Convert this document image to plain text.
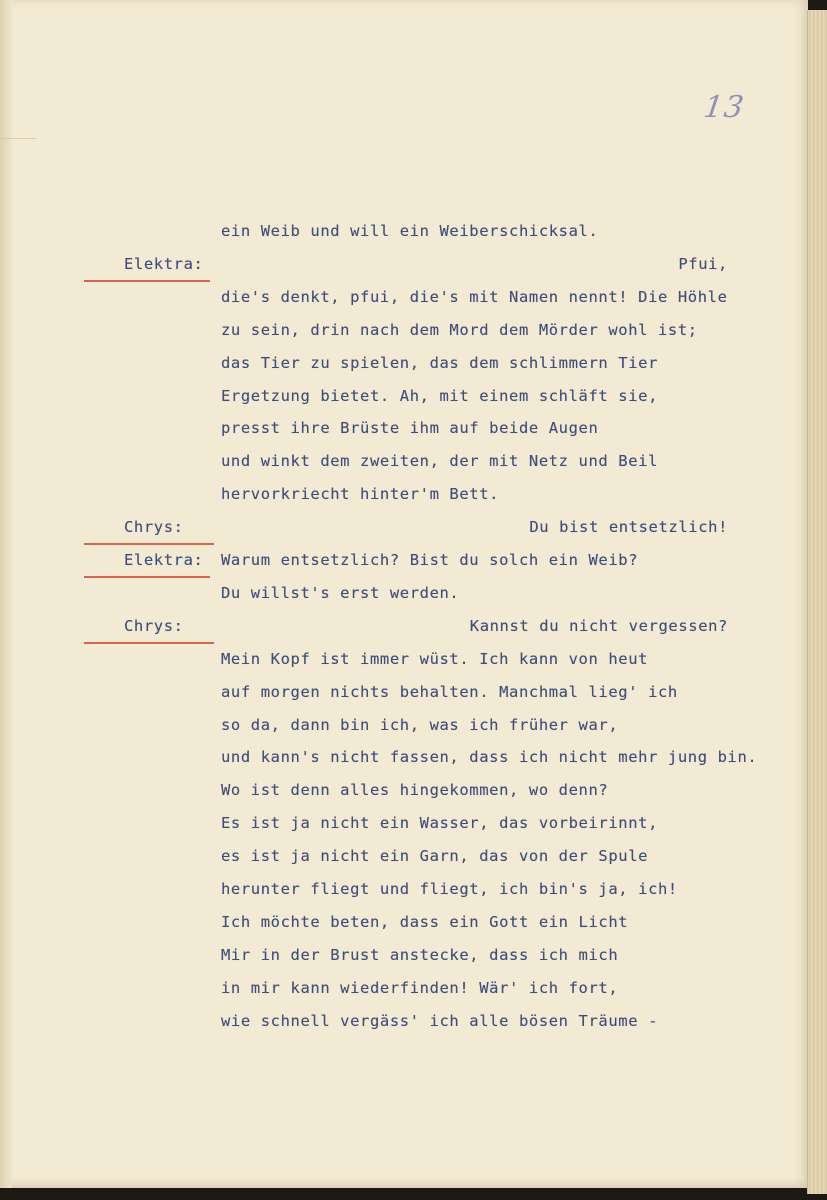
13
ein Weib und will ein Weiberschicksal.
Elektra:	Pfui,
die's denkt, pfui, die's mit Namen nennt! Die Höhle
zu sein, drin nach dem Mord dem Mörder wohl ist;
das Tier zu spielen, das dem schlimmern Tier
Ergetzung bietet. Ah, mit einem schläft sie,
presst ihre Brüste ihm auf beide Augen
und winkt dem zweiten, der mit Netz und Beil
hervorkriecht hinter'm Bett.
Chrys:	Du bist entsetzlich!
Elektra: Warum entsetzlich? Bist du solch ein Weib?
Du willst's erst werden.
Chrys:	Kannst du nicht vergessen?
Mein Kopf ist immer wüst. Ich kann von heut
auf morgen nichts behalten. Manchmal lieg' ich
so da, dann bin ich, was ich früher war,
und kann's nicht fassen, dass ich nicht mehr jung bin.
Wo ist denn alles hingekommen, wo denn?
Es ist ja nicht ein Wasser, das vorbeirinnt,
es ist ja nicht ein Garn, das von der Spule
herunter fliegt und fliegt, ich bin's ja, ich!
Ich möchte beten, dass ein Gott ein Licht
Mir in der Brust anstecke, dass ich mich
in mir kann wiederfinden! Wär' ich fort,
wie schnell vergäss' ich alle bösen Träume -
